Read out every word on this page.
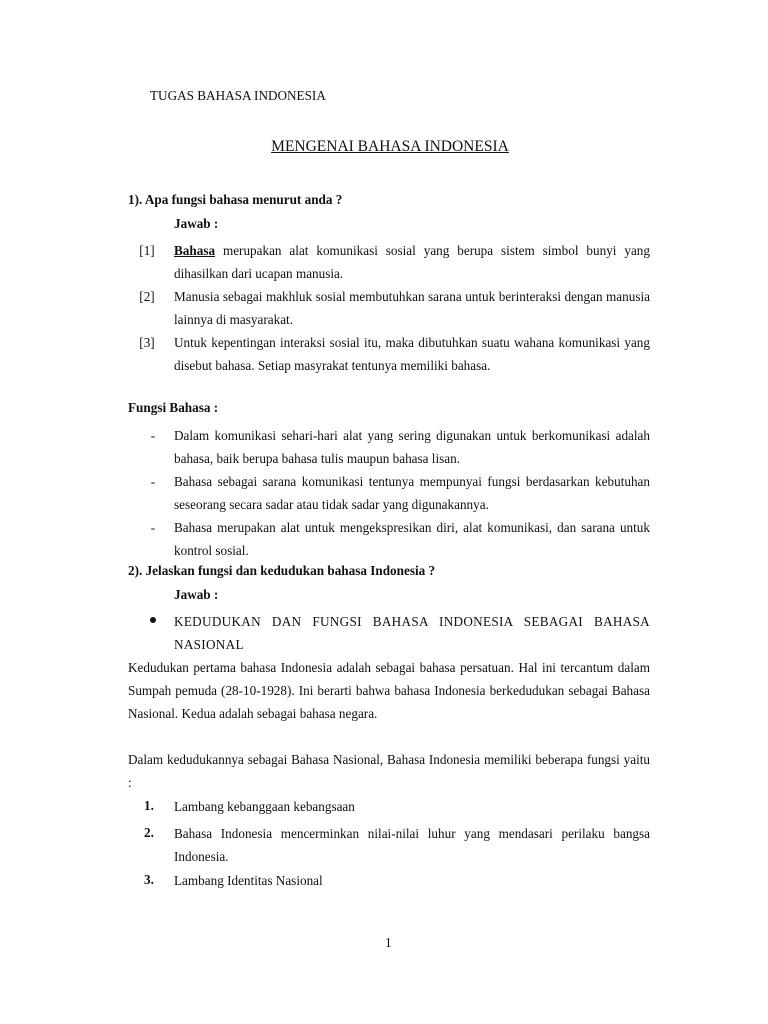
TUGAS BAHASA INDONESIA
MENGENAI BAHASA INDONESIA
1). Apa fungsi bahasa menurut anda ?
Jawab :
[1]	Bahasa merupakan alat komunikasi sosial yang berupa sistem simbol bunyi yang dihasilkan dari ucapan manusia.
[2]	Manusia sebagai makhluk sosial membutuhkan sarana untuk berinteraksi dengan manusia lainnya di masyarakat.
[3]	Untuk kepentingan interaksi sosial itu, maka dibutuhkan suatu wahana komunikasi yang disebut bahasa. Setiap masyrakat tentunya memiliki bahasa.
Fungsi Bahasa :
-	Dalam komunikasi sehari-hari alat yang sering digunakan untuk berkomunikasi adalah bahasa, baik berupa bahasa tulis maupun bahasa lisan.
-	Bahasa sebagai sarana komunikasi tentunya mempunyai fungsi berdasarkan kebutuhan seseorang secara sadar atau tidak sadar yang digunakannya.
-	Bahasa merupakan alat untuk mengekspresikan diri, alat komunikasi, dan sarana untuk kontrol sosial.
2). Jelaskan fungsi dan kedudukan bahasa Indonesia ?
Jawab :
KEDUDUKAN DAN FUNGSI BAHASA INDONESIA SEBAGAI BAHASA NASIONAL
Kedudukan pertama bahasa Indonesia adalah sebagai bahasa persatuan. Hal ini tercantum dalam Sumpah pemuda (28-10-1928). Ini berarti bahwa bahasa Indonesia berkedudukan sebagai Bahasa Nasional. Kedua adalah sebagai bahasa negara.
Dalam kedudukannya sebagai Bahasa Nasional, Bahasa Indonesia memiliki beberapa fungsi yaitu :
1. Lambang kebanggaan kebangsaan
2. Bahasa Indonesia mencerminkan nilai-nilai luhur yang mendasari perilaku bangsa Indonesia.
3. Lambang Identitas Nasional
1
